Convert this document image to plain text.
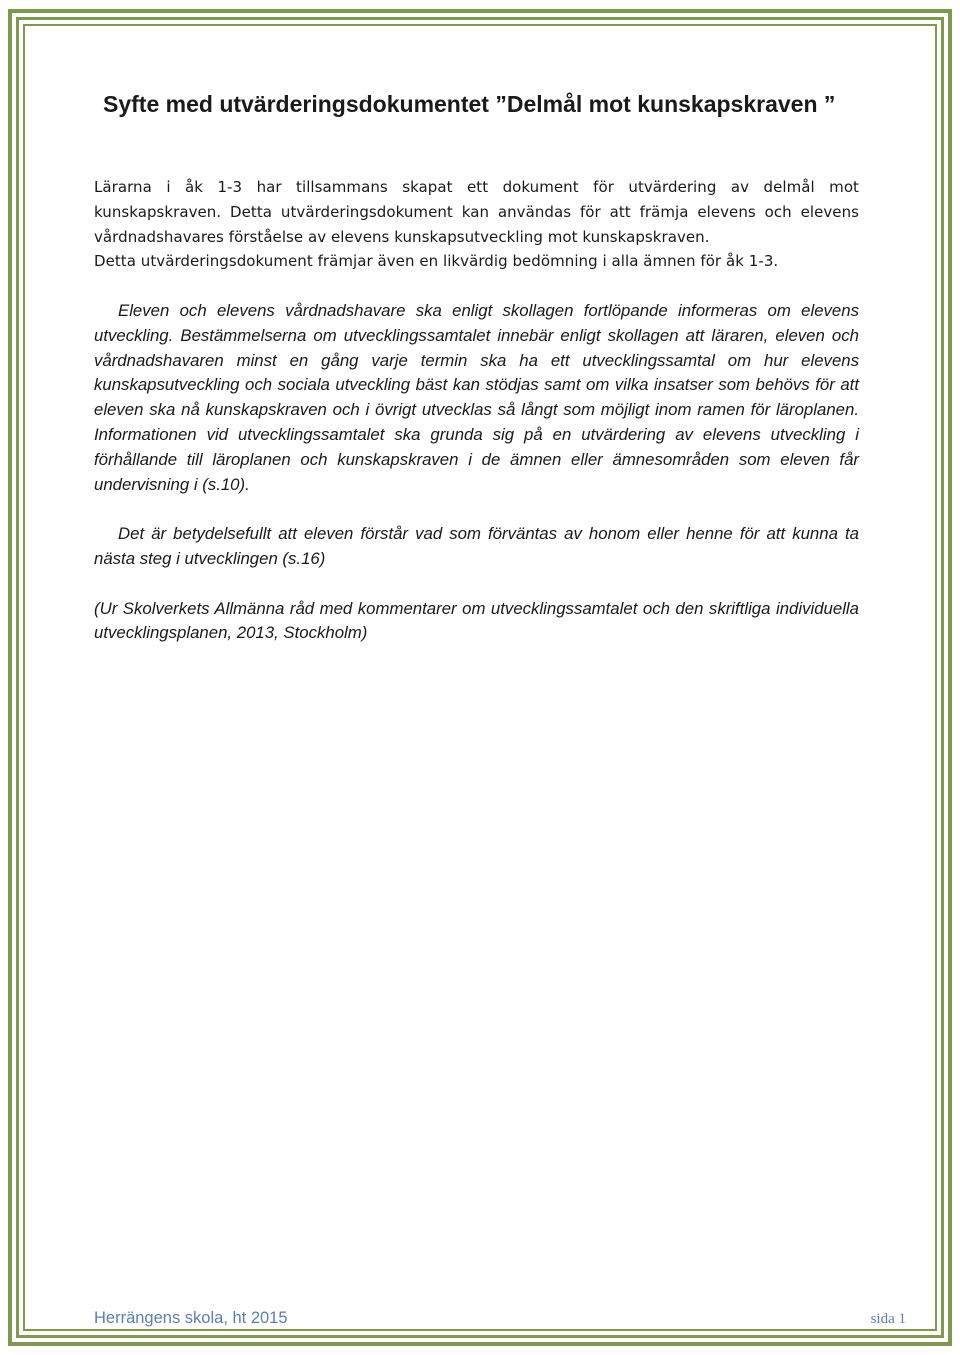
Syfte med utvärderingsdokumentet ”Delmål mot kunskapskraven ”

Lärarna i åk 1-3 har tillsammans skapat ett dokument för utvärdering av delmål mot kunskapskraven. Detta utvärderingsdokument kan användas för att främja elevens och elevens vårdnadshavares förståelse av elevens kunskapsutveckling mot kunskapskraven.
Detta utvärderingsdokument främjar även en likvärdig bedömning i alla ämnen för åk 1-3.

Eleven och elevens vårdnadshavare ska enligt skollagen fortlöpande informeras om elevens utveckling. Bestämmelserna om utvecklingssamtalet innebär enligt skollagen att läraren, eleven och vårdnadshavaren minst en gång varje termin ska ha ett utvecklingssamtal om hur elevens kunskapsutveckling och sociala utveckling bäst kan stödjas samt om vilka insatser som behövs för att eleven ska nå kunskapskraven och i övrigt utvecklas så långt som möjligt inom ramen för läroplanen. Informationen vid utvecklingssamtalet ska grunda sig på en utvärdering av elevens utveckling i förhållande till läroplanen och kunskapskraven i de ämnen eller ämnesområden som eleven får undervisning i (s.10).

Det är betydelsefullt att eleven förstår vad som förväntas av honom eller henne för att kunna ta nästa steg i utvecklingen (s.16)

(Ur Skolverkets Allmänna råd med kommentarer om utvecklingssamtalet och den skriftliga individuella utvecklingsplanen, 2013, Stockholm)

Herrängens skola, ht 2015	sida 1
